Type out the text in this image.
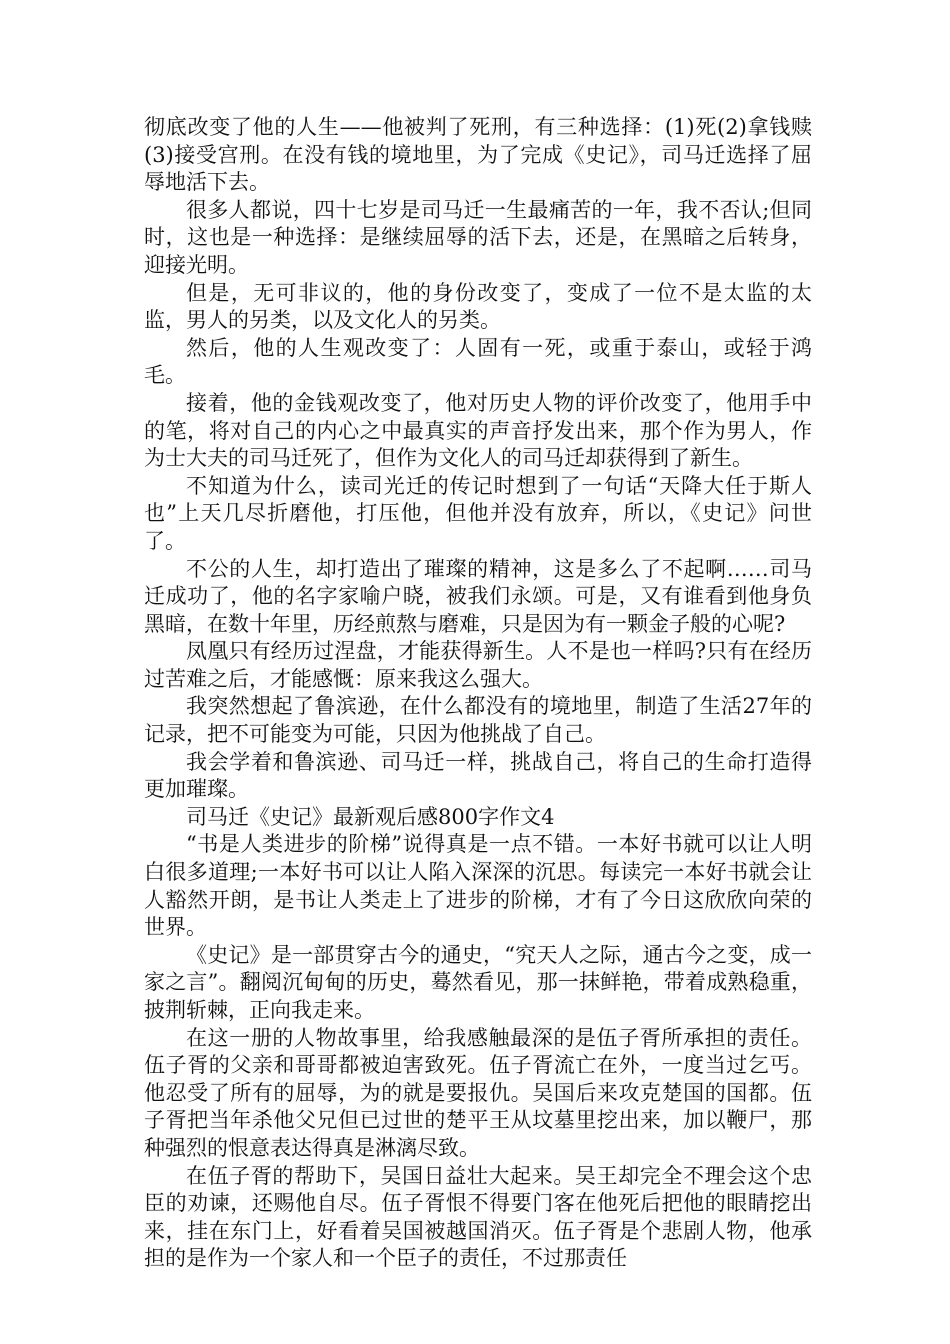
彻底改变了他的人生——他被判了死刑，有三种选择：(1)死(2)拿钱赎(3)接受宫刑。在没有钱的境地里，为了完成《史记》，司马迁选择了屈辱地活下去。

很多人都说，四十七岁是司马迁一生最痛苦的一年，我不否认;但同时，这也是一种选择：是继续屈辱的活下去，还是，在黑暗之后转身，迎接光明。

但是，无可非议的，他的身份改变了，变成了一位不是太监的太监，男人的另类，以及文化人的另类。

然后，他的人生观改变了：人固有一死，或重于泰山，或轻于鸿毛。

接着，他的金钱观改变了，他对历史人物的评价改变了，他用手中的笔，将对自己的内心之中最真实的声音抒发出来，那个作为男人，作为士大夫的司马迁死了，但作为文化人的司马迁却获得到了新生。

不知道为什么，读司光迁的传记时想到了一句话“天降大任于斯人也”上天几尽折磨他，打压他，但他并没有放弃，所以，《史记》问世了。

不公的人生，却打造出了璀璨的精神，这是多么了不起啊……司马迁成功了，他的名字家喻户晓，被我们永颂。可是，又有谁看到他身负黑暗，在数十年里，历经煎熬与磨难，只是因为有一颗金子般的心呢?

凤凰只有经历过涅盘，才能获得新生。人不是也一样吗?只有在经历过苦难之后，才能感慨：原来我这么强大。

我突然想起了鲁滨逊，在什么都没有的境地里，制造了生活27年的记录，把不可能变为可能，只因为他挑战了自己。

我会学着和鲁滨逊、司马迁一样，挑战自己，将自己的生命打造得更加璀璨。

司马迁《史记》最新观后感800字作文4

“书是人类进步的阶梯”说得真是一点不错。一本好书就可以让人明白很多道理;一本好书可以让人陷入深深的沉思。每读完一本好书就会让人豁然开朗，是书让人类走上了进步的阶梯，才有了今日这欣欣向荣的世界。

《史记》是一部贯穿古今的通史，“究天人之际，通古今之变，成一家之言”。翻阅沉甸甸的历史，蓦然看见，那一抹鲜艳，带着成熟稳重，披荆斩棘，正向我走来。

在这一册的人物故事里，给我感触最深的是伍子胥所承担的责任。伍子胥的父亲和哥哥都被迫害致死。伍子胥流亡在外，一度当过乞丐。他忍受了所有的屈辱，为的就是要报仇。吴国后来攻克楚国的国都。伍子胥把当年杀他父兄但已过世的楚平王从坟墓里挖出来，加以鞭尸，那种强烈的恨意表达得真是淋漓尽致。

在伍子胥的帮助下，吴国日益壮大起来。吴王却完全不理会这个忠臣的劝谏，还赐他自尽。伍子胥恨不得要门客在他死后把他的眼睛挖出来，挂在东门上，好看着吴国被越国消灭。伍子胥是个悲剧人物，他承担的是作为一个家人和一个臣子的责任，不过那责任
